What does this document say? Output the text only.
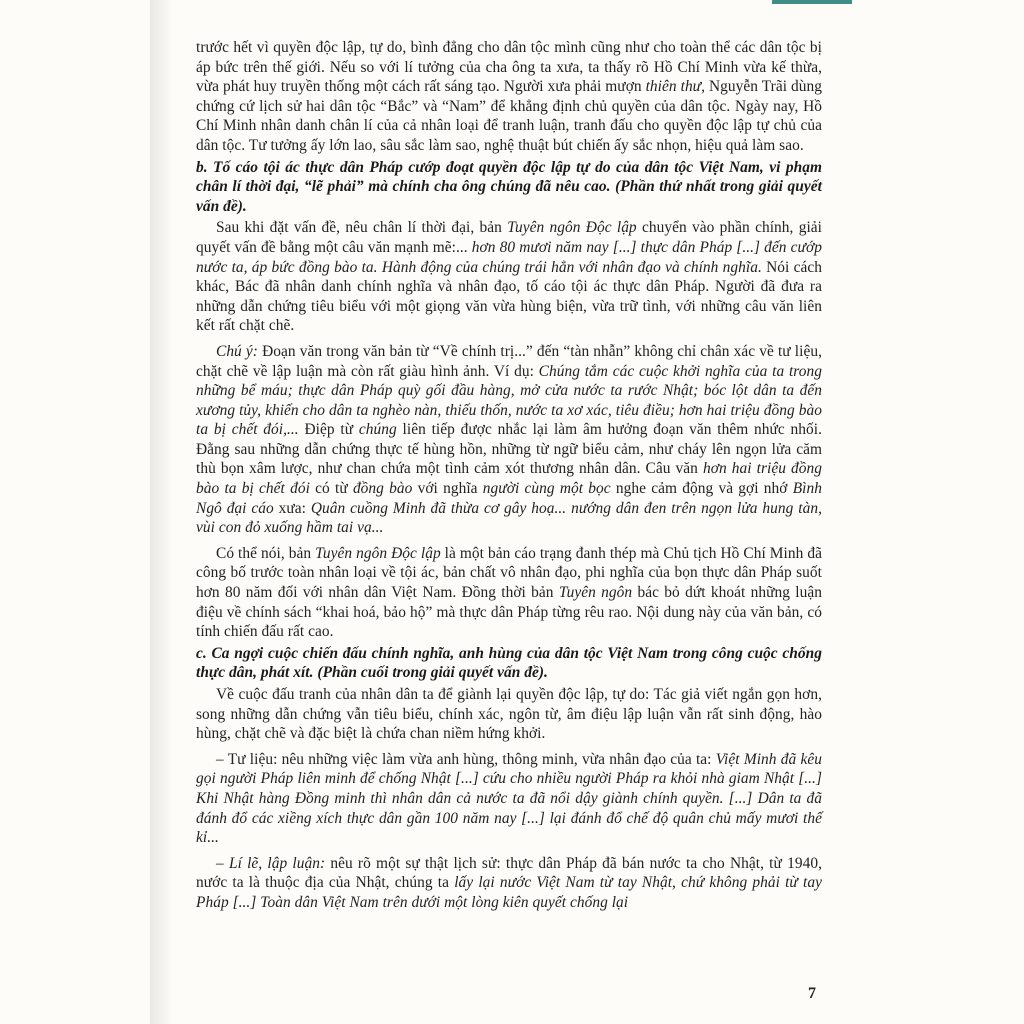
trước hết vì quyền độc lập, tự do, bình đẳng cho dân tộc mình cũng như cho toàn thể các dân tộc bị áp bức trên thế giới. Nếu so với lí tưởng của cha ông ta xưa, ta thấy rõ Hồ Chí Minh vừa kế thừa, vừa phát huy truyền thống một cách rất sáng tạo. Người xưa phải mượn thiên thư, Nguyễn Trãi dùng chứng cứ lịch sử hai dân tộc “Bắc” và “Nam” để khẳng định chủ quyền của dân tộc. Ngày nay, Hồ Chí Minh nhân danh chân lí của cả nhân loại để tranh luận, tranh đấu cho quyền độc lập tự chủ của dân tộc. Tư tưởng ấy lớn lao, sâu sắc làm sao, nghệ thuật bút chiến ấy sắc nhọn, hiệu quả làm sao.

b. Tố cáo tội ác thực dân Pháp cướp đoạt quyền độc lập tự do của dân tộc Việt Nam, vi phạm chân lí thời đại, “lẽ phải” mà chính cha ông chúng đã nêu cao. (Phần thứ nhất trong giải quyết vấn đề).

Sau khi đặt vấn đề, nêu chân lí thời đại, bản Tuyên ngôn Độc lập chuyển vào phần chính, giải quyết vấn đề bằng một câu văn mạnh mẽ:... hơn 80 mươi năm nay [...] thực dân Pháp [...] đến cướp nước ta, áp bức đồng bào ta. Hành động của chúng trái hẳn với nhân đạo và chính nghĩa. Nói cách khác, Bác đã nhân danh chính nghĩa và nhân đạo, tố cáo tội ác thực dân Pháp. Người đã đưa ra những dẫn chứng tiêu biểu với một giọng văn vừa hùng biện, vừa trữ tình, với những câu văn liên kết rất chặt chẽ.

Chú ý: Đoạn văn trong văn bản từ “Về chính trị...” đến “tàn nhẫn” không chỉ chân xác về tư liệu, chặt chẽ về lập luận mà còn rất giàu hình ảnh. Ví dụ: Chúng tắm các cuộc khởi nghĩa của ta trong những bể máu; thực dân Pháp quỳ gối đầu hàng, mở cửa nước ta rước Nhật; bóc lột dân ta đến xương tủy, khiến cho dân ta nghèo nàn, thiếu thốn, nước ta xơ xác, tiêu điều; hơn hai triệu đồng bào ta bị chết đói,... Điệp từ chúng liên tiếp được nhắc lại làm âm hưởng đoạn văn thêm nhức nhối. Đằng sau những dẫn chứng thực tế hùng hồn, những từ ngữ biểu cảm, như cháy lên ngọn lửa căm thù bọn xâm lược, như chan chứa một tình cảm xót thương nhân dân. Câu văn hơn hai triệu đồng bào ta bị chết đói có từ đồng bào với nghĩa người cùng một bọc nghe cảm động và gợi nhớ Bình Ngô đại cáo xưa: Quân cuồng Minh đã thừa cơ gây hoạ... nướng dân đen trên ngọn lửa hung tàn, vùi con đỏ xuống hầm tai vạ...

Có thể nói, bản Tuyên ngôn Độc lập là một bản cáo trạng đanh thép mà Chủ tịch Hồ Chí Minh đã công bố trước toàn nhân loại về tội ác, bản chất vô nhân đạo, phi nghĩa của bọn thực dân Pháp suốt hơn 80 năm đối với nhân dân Việt Nam. Đồng thời bản Tuyên ngôn bác bỏ dứt khoát những luận điệu về chính sách “khai hoá, bảo hộ” mà thực dân Pháp từng rêu rao. Nội dung này của văn bản, có tính chiến đấu rất cao.

c. Ca ngợi cuộc chiến đấu chính nghĩa, anh hùng của dân tộc Việt Nam trong công cuộc chống thực dân, phát xít. (Phần cuối trong giải quyết vấn đề).

Về cuộc đấu tranh của nhân dân ta để giành lại quyền độc lập, tự do: Tác giả viết ngắn gọn hơn, song những dẫn chứng vẫn tiêu biểu, chính xác, ngôn từ, âm điệu lập luận vẫn rất sinh động, hào hùng, chặt chẽ và đặc biệt là chứa chan niềm hứng khởi.

– Tư liệu: nêu những việc làm vừa anh hùng, thông minh, vừa nhân đạo của ta: Việt Minh đã kêu gọi người Pháp liên minh để chống Nhật [...] cứu cho nhiều người Pháp ra khỏi nhà giam Nhật [...] Khi Nhật hàng Đồng minh thì nhân dân cả nước ta đã nổi dậy giành chính quyền. [...] Dân ta đã đánh đổ các xiềng xích thực dân gần 100 năm nay [...] lại đánh đổ chế độ quân chủ mấy mươi thế kỉ...

– Lí lẽ, lập luận: nêu rõ một sự thật lịch sử: thực dân Pháp đã bán nước ta cho Nhật, từ 1940, nước ta là thuộc địa của Nhật, chúng ta lấy lại nước Việt Nam từ tay Nhật, chứ không phải từ tay Pháp [...] Toàn dân Việt Nam trên dưới một lòng kiên quyết chống lại

7
